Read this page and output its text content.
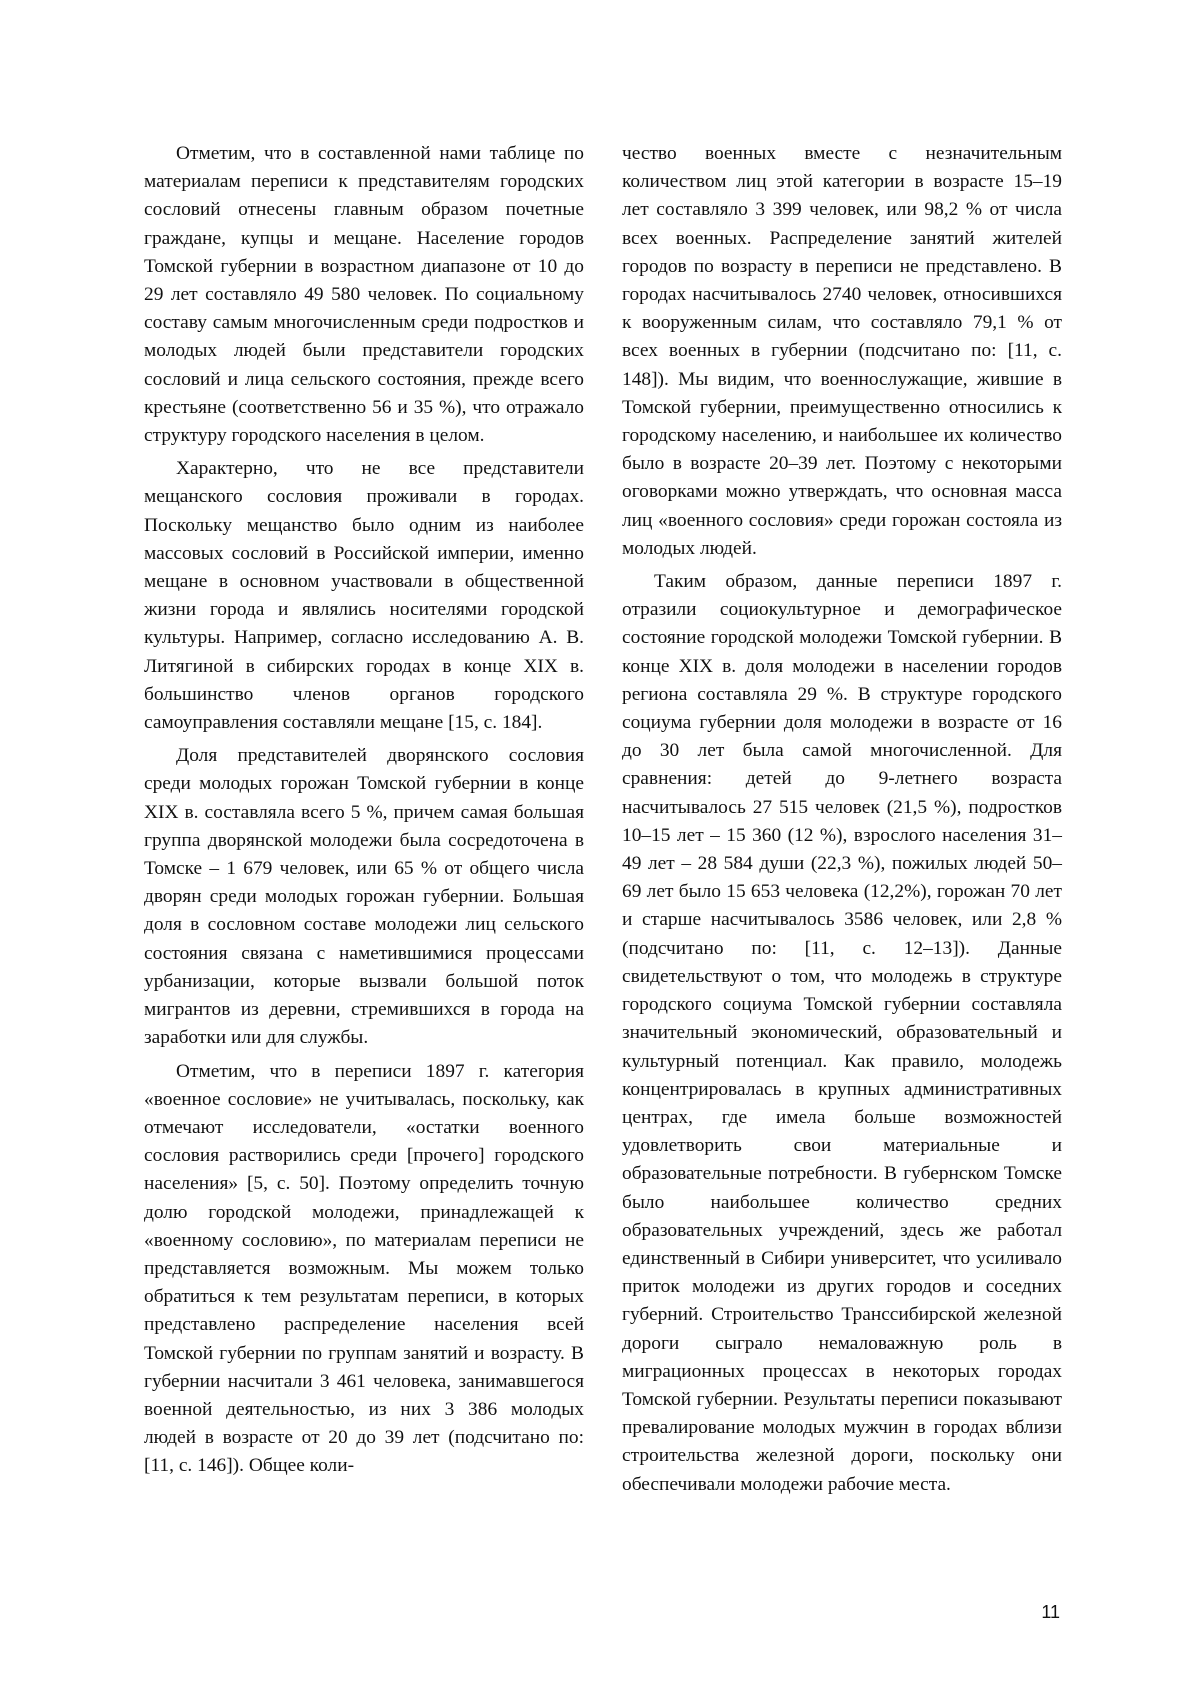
Отметим, что в составленной нами таблице по материалам переписи к представителям городских сословий отнесены главным образом почетные граждане, купцы и мещане. Население городов Томской губернии в возрастном диапазоне от 10 до 29 лет составляло 49 580 человек. По социальному составу самым многочисленным среди подростков и молодых людей были представители городских сословий и лица сельского состояния, прежде всего крестьяне (соответственно 56 и 35 %), что отражало структуру городского населения в целом.

Характерно, что не все представители мещанского сословия проживали в городах. Поскольку мещанство было одним из наиболее массовых сословий в Российской империи, именно мещане в основном участвовали в общественной жизни города и являлись носителями городской культуры. Например, согласно исследованию А. В. Литягиной в сибирских городах в конце XIX в. большинство членов органов городского самоуправления составляли мещане [15, с. 184].

Доля представителей дворянского сословия среди молодых горожан Томской губернии в конце XIX в. составляла всего 5 %, причем самая большая группа дворянской молодежи была сосредоточена в Томске – 1 679 человек, или 65 % от общего числа дворян среди молодых горожан губернии. Большая доля в сословном составе молодежи лиц сельского состояния связана с наметившимися процессами урбанизации, которые вызвали большой поток мигрантов из деревни, стремившихся в города на заработки или для службы.

Отметим, что в переписи 1897 г. категория «военное сословие» не учитывалась, поскольку, как отмечают исследователи, «остатки военного сословия растворились среди [прочего] городского населения» [5, с. 50]. Поэтому определить точную долю городской молодежи, принадлежащей к «военному сословию», по материалам переписи не представляется возможным. Мы можем только обратиться к тем результатам переписи, в которых представлено распределение населения всей Томской губернии по группам занятий и возрасту. В губернии насчитали 3 461 человека, занимавшегося военной деятельностью, из них 3 386 молодых людей в возрасте от 20 до 39 лет (подсчитано по: [11, с. 146]). Общее коли-

чество военных вместе с незначительным количеством лиц этой категории в возрасте 15–19 лет составляло 3 399 человек, или 98,2 % от числа всех военных. Распределение занятий жителей городов по возрасту в переписи не представлено. В городах насчитывалось 2740 человек, относившихся к вооруженным силам, что составляло 79,1 % от всех военных в губернии (подсчитано по: [11, с. 148]). Мы видим, что военнослужащие, жившие в Томской губернии, преимущественно относились к городскому населению, и наибольшее их количество было в возрасте 20–39 лет. Поэтому с некоторыми оговорками можно утверждать, что основная масса лиц «военного сословия» среди горожан состояла из молодых людей.

Таким образом, данные переписи 1897 г. отразили социокультурное и демографическое состояние городской молодежи Томской губернии. В конце XIX в. доля молодежи в населении городов региона составляла 29 %. В структуре городского социума губернии доля молодежи в возрасте от 16 до 30 лет была самой многочисленной. Для сравнения: детей до 9-летнего возраста насчитывалось 27 515 человек (21,5 %), подростков 10–15 лет – 15 360 (12 %), взрослого населения 31–49 лет – 28 584 души (22,3 %), пожилых людей 50–69 лет было 15 653 человека (12,2%), горожан 70 лет и старше насчитывалось 3586 человек, или 2,8 % (подсчитано по: [11, с. 12–13]). Данные свидетельствуют о том, что молодежь в структуре городского социума Томской губернии составляла значительный экономический, образовательный и культурный потенциал. Как правило, молодежь концентрировалась в крупных административных центрах, где имела больше возможностей удовлетворить свои материальные и образовательные потребности. В губернском Томске было наибольшее количество средних образовательных учреждений, здесь же работал единственный в Сибири университет, что усиливало приток молодежи из других городов и соседних губерний. Строительство Транссибирской железной дороги сыграло немаловажную роль в миграционных процессах в некоторых городах Томской губернии. Результаты переписи показывают превалирование молодых мужчин в городах вблизи строительства железной дороги, поскольку они обеспечивали молодежи рабочие места.

11
